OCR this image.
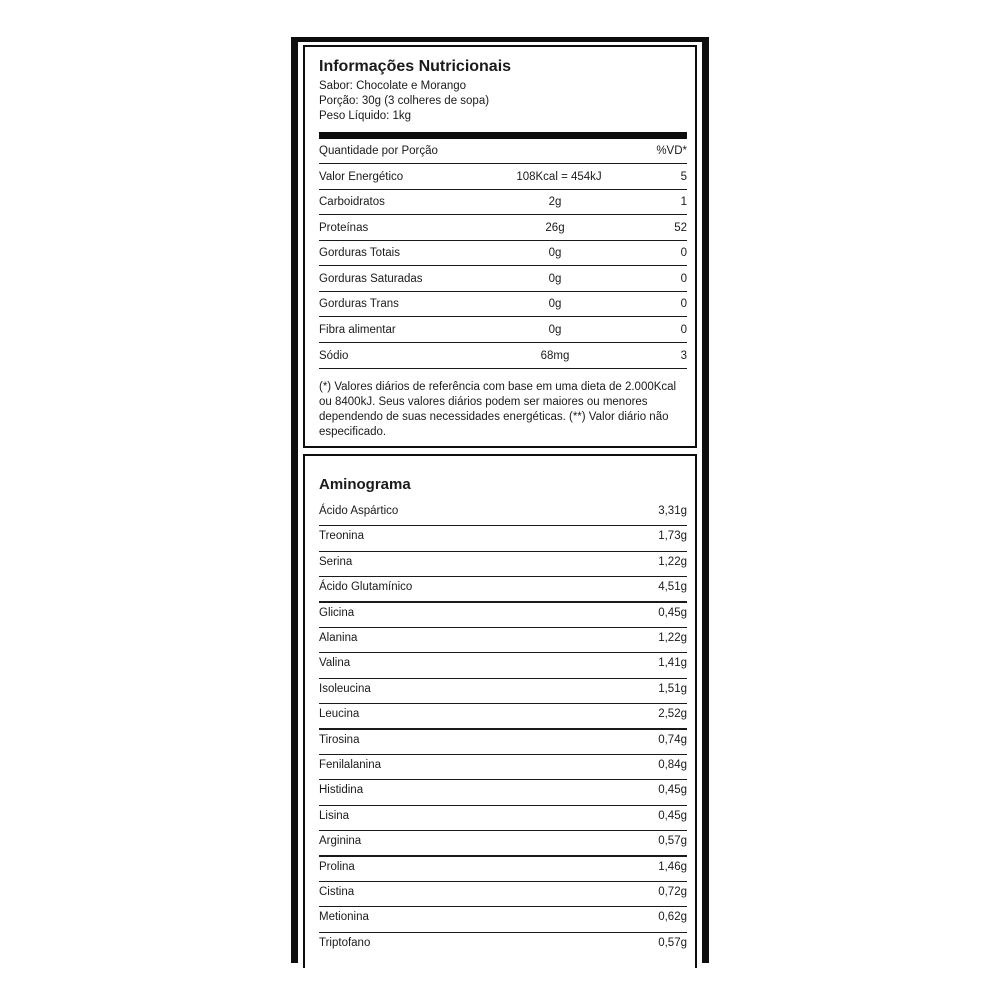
Informações Nutricionais
Sabor: Chocolate e Morango
Porção: 30g (3 colheres de sopa)
Peso Líquido: 1kg
Quantidade por Porção	%VD*
Valor Energético	108Kcal = 454kJ	5
Carboidratos	2g	1
Proteínas	26g	52
Gorduras Totais	0g	0
Gorduras Saturadas	0g	0
Gorduras Trans	0g	0
Fibra alimentar	0g	0
Sódio	68mg	3
(*) Valores diários de referência com base em uma dieta de 2.000Kcal ou 8400kJ. Seus valores diários podem ser maiores ou menores dependendo de suas necessidades energéticas. (**) Valor diário não especificado.
Aminograma
Ácido Aspártico	3,31g
Treonina	1,73g
Serina	1,22g
Ácido Glutamínico	4,51g
Glicina	0,45g
Alanina	1,22g
Valina	1,41g
Isoleucina	1,51g
Leucina	2,52g
Tirosina	0,74g
Fenilalanina	0,84g
Histidina	0,45g
Lisina	0,45g
Arginina	0,57g
Prolina	1,46g
Cistina	0,72g
Metionina	0,62g
Triptofano	0,57g
